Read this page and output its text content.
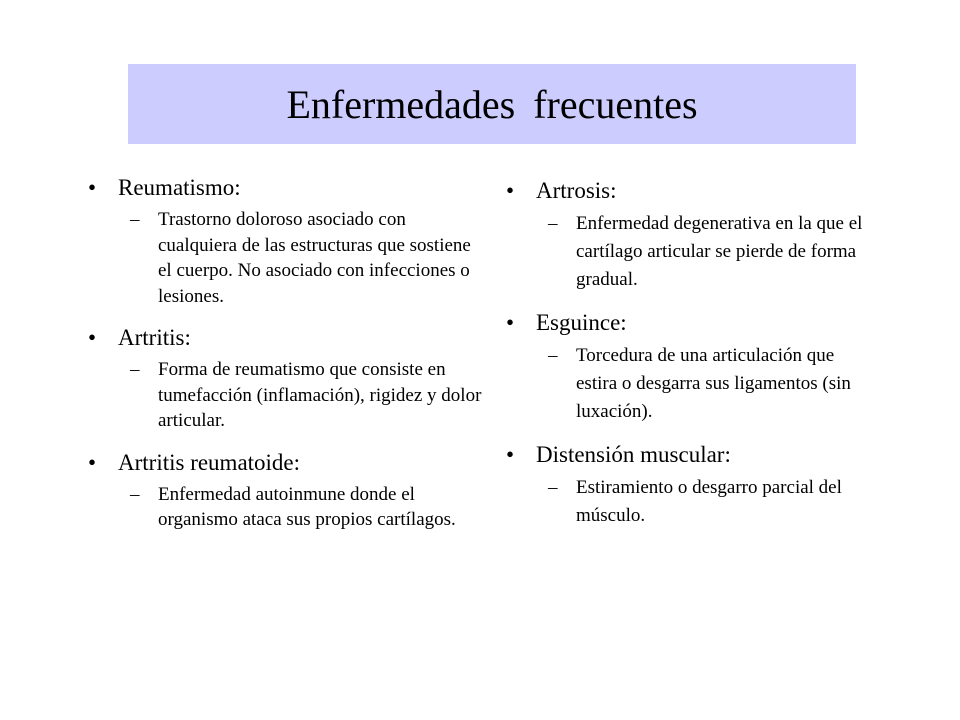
Enfermedades frecuentes
• Reumatismo:
– Trastorno doloroso asociado con cualquiera de las estructuras que sostiene el cuerpo. No asociado con infecciones o lesiones.
• Artritis:
– Forma de reumatismo que consiste en tumefacción (inflamación), rigidez y dolor articular.
• Artritis reumatoide:
– Enfermedad autoinmune donde el organismo ataca sus propios cartílagos.
• Artrosis:
– Enfermedad degenerativa en la que el cartílago articular se pierde de forma gradual.
• Esguince:
– Torcedura de una articulación que estira o desgarra sus ligamentos (sin luxación).
• Distensión muscular:
– Estiramiento o desgarro parcial del músculo.
